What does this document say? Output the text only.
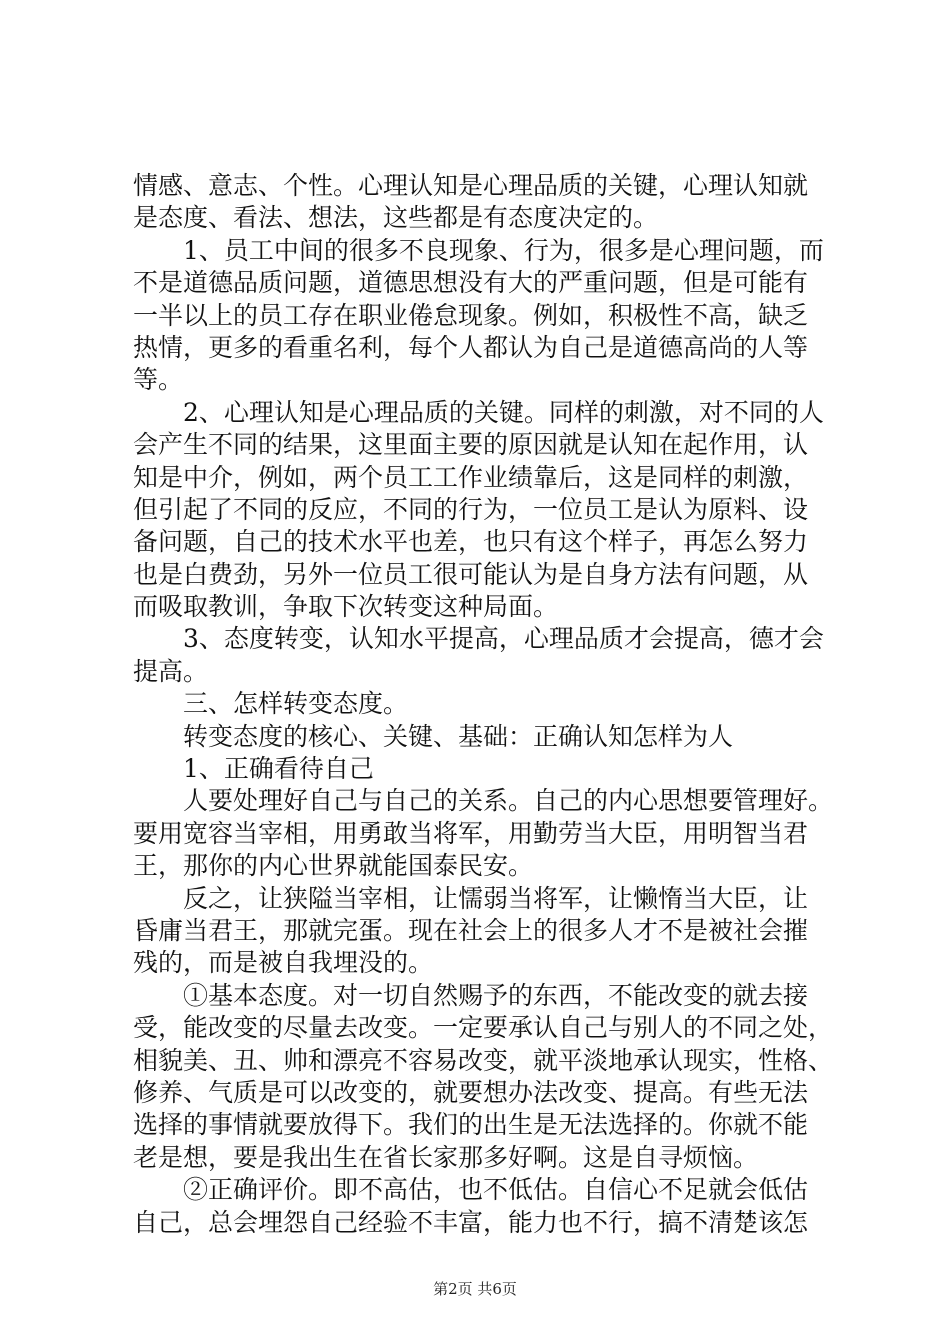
情感、意志、个性。心理认知是心理品质的关键，心理认知就
是态度、看法、想法，这些都是有态度决定的。
　　1、员工中间的很多不良现象、行为，很多是心理问题，而
不是道德品质问题，道德思想没有大的严重问题，但是可能有
一半以上的员工存在职业倦怠现象。例如，积极性不高，缺乏
热情，更多的看重名利，每个人都认为自己是道德高尚的人等
等。
　　2、心理认知是心理品质的关键。同样的刺激，对不同的人
会产生不同的结果，这里面主要的原因就是认知在起作用，认
知是中介，例如，两个员工工作业绩靠后，这是同样的刺激，
但引起了不同的反应，不同的行为，一位员工是认为原料、设
备问题，自己的技术水平也差，也只有这个样子，再怎么努力
也是白费劲，另外一位员工很可能认为是自身方法有问题，从
而吸取教训，争取下次转变这种局面。
　　3、态度转变，认知水平提高，心理品质才会提高，德才会
提高。
　　三、怎样转变态度。
　　转变态度的核心、关键、基础：正确认知怎样为人
　　1、正确看待自己
　　人要处理好自己与自己的关系。自己的内心思想要管理好。
要用宽容当宰相，用勇敢当将军，用勤劳当大臣，用明智当君
王，那你的内心世界就能国泰民安。
　　反之，让狭隘当宰相，让懦弱当将军，让懒惰当大臣，让
昏庸当君王，那就完蛋。现在社会上的很多人才不是被社会摧
残的，而是被自我埋没的。
　　①基本态度。对一切自然赐予的东西，不能改变的就去接
受，能改变的尽量去改变。一定要承认自己与别人的不同之处，
相貌美、丑、帅和漂亮不容易改变，就平淡地承认现实，性格、
修养、气质是可以改变的，就要想办法改变、提高。有些无法
选择的事情就要放得下。我们的出生是无法选择的。你就不能
老是想，要是我出生在省长家那多好啊。这是自寻烦恼。
　　②正确评价。即不高估，也不低估。自信心不足就会低估
自己，总会埋怨自己经验不丰富，能力也不行，搞不清楚该怎
第2页 共6页
